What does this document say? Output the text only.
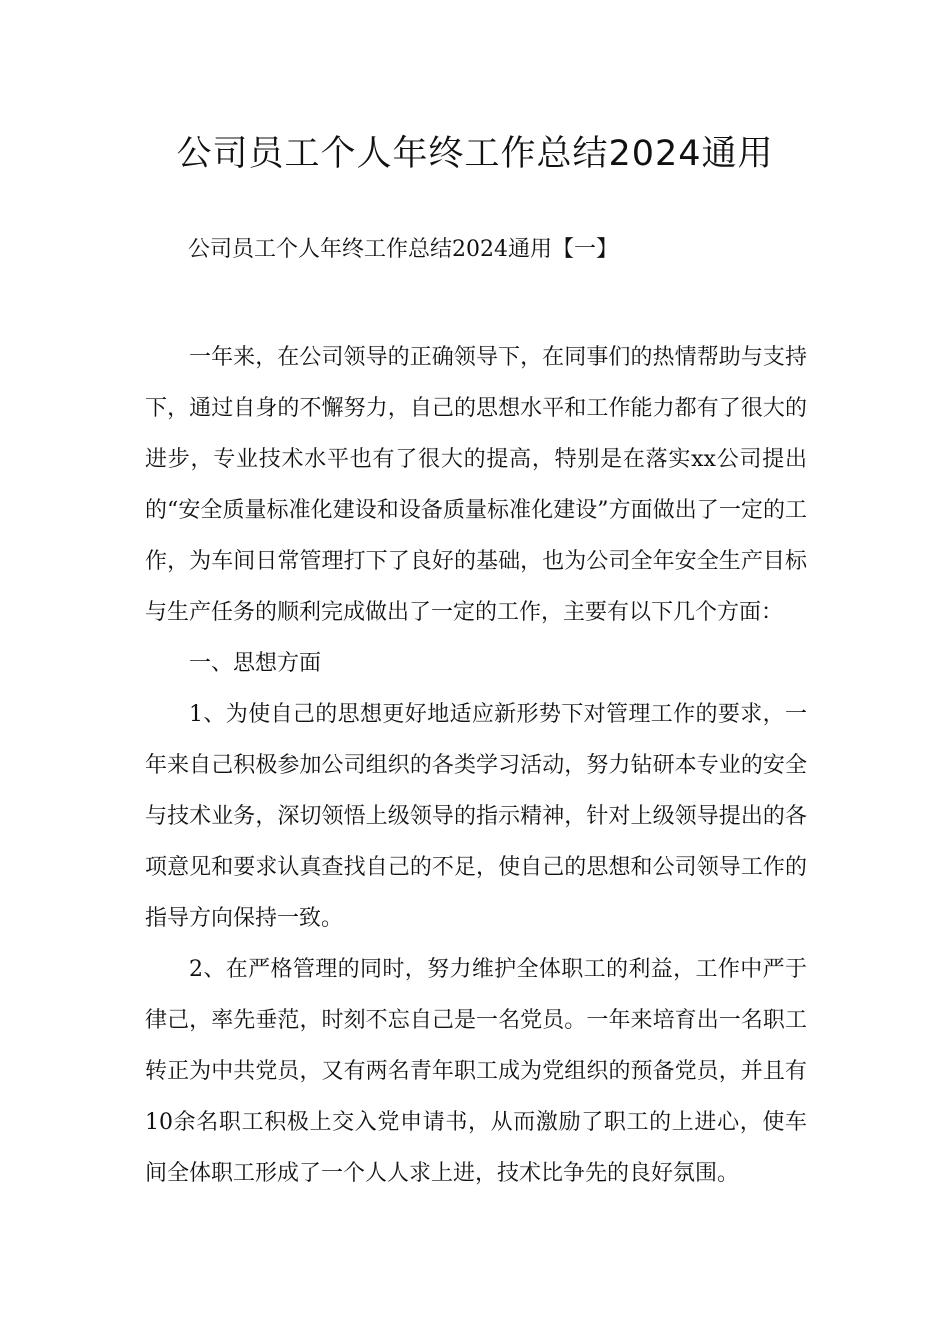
公司员工个人年终工作总结2024通用

公司员工个人年终工作总结2024通用【一】

一年来，在公司领导的正确领导下，在同事们的热情帮助与支持下，通过自身的不懈努力，自己的思想水平和工作能力都有了很大的进步，专业技术水平也有了很大的提高，特别是在落实xx公司提出的“安全质量标准化建设和设备质量标准化建设”方面做出了一定的工作，为车间日常管理打下了良好的基础，也为公司全年安全生产目标与生产任务的顺利完成做出了一定的工作，主要有以下几个方面：

一、思想方面

1、为使自己的思想更好地适应新形势下对管理工作的要求，一年来自己积极参加公司组织的各类学习活动，努力钻研本专业的安全与技术业务，深切领悟上级领导的指示精神，针对上级领导提出的各项意见和要求认真查找自己的不足，使自己的思想和公司领导工作的指导方向保持一致。

2、在严格管理的同时，努力维护全体职工的利益，工作中严于律己，率先垂范，时刻不忘自己是一名党员。一年来培育出一名职工转正为中共党员，又有两名青年职工成为党组织的预备党员，并且有10余名职工积极上交入党申请书，从而激励了职工的上进心，使车间全体职工形成了一个人人求上进，技术比争先的良好氛围。
